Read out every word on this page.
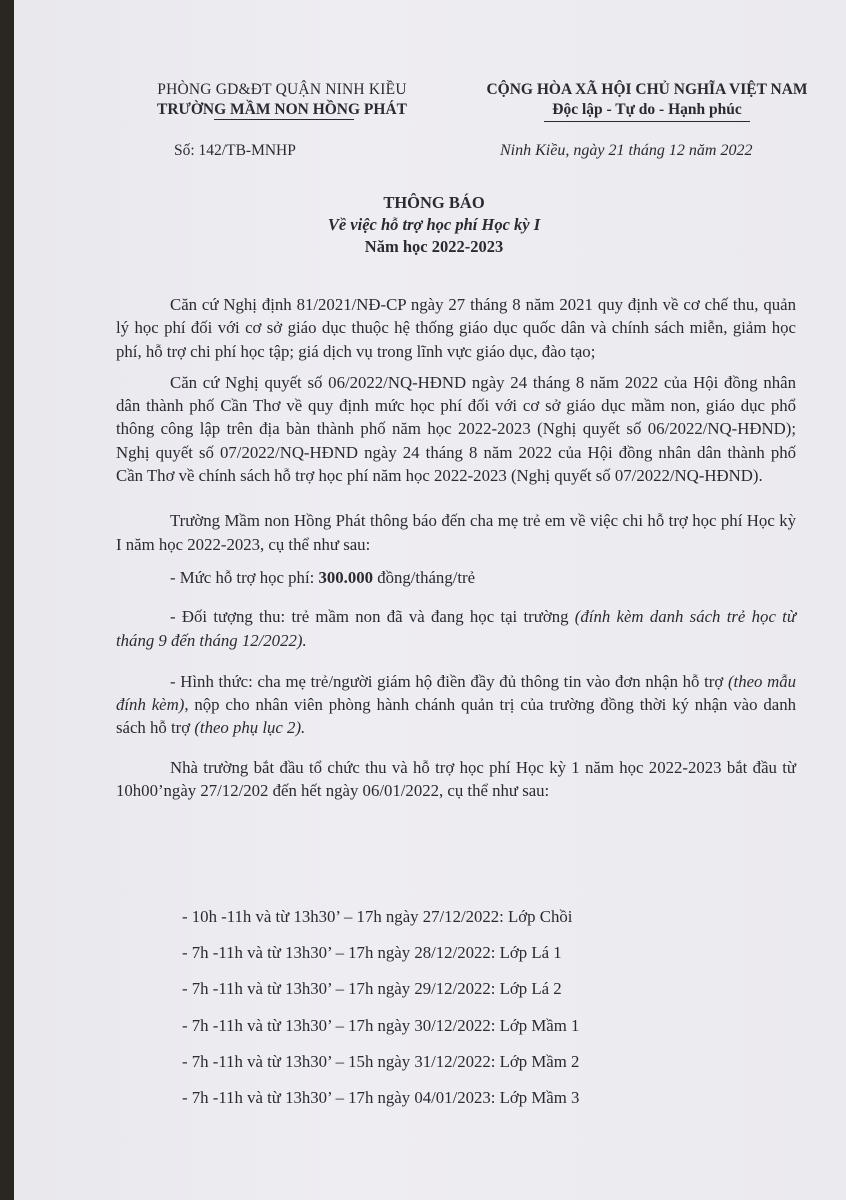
PHÒNG GD&ĐT QUẬN NINH KIỀU
TRƯỜNG MẦM NON HỒNG PHÁT
CỘNG HÒA XÃ HỘI CHỦ NGHĨA VIỆT NAM
Độc lập - Tự do - Hạnh phúc
Số: 142/TB-MNHP	Ninh Kiều, ngày 21 tháng 12 năm 2022
THÔNG BÁO
Về việc hỗ trợ học phí Học kỳ I
Năm học 2022-2023

Căn cứ Nghị định 81/2021/NĐ-CP ngày 27 tháng 8 năm 2021 quy định về cơ chế thu, quản lý học phí đối với cơ sở giáo dục thuộc hệ thống giáo dục quốc dân và chính sách miễn, giảm học phí, hỗ trợ chi phí học tập; giá dịch vụ trong lĩnh vực giáo dục, đào tạo;

Căn cứ Nghị quyết số 06/2022/NQ-HĐND ngày 24 tháng 8 năm 2022 của Hội đồng nhân dân thành phố Cần Thơ về quy định mức học phí đối với cơ sở giáo dục mầm non, giáo dục phổ thông công lập trên địa bàn thành phố năm học 2022-2023 (Nghị quyết số 06/2022/NQ-HĐND); Nghị quyết số 07/2022/NQ-HĐND ngày 24 tháng 8 năm 2022 của Hội đồng nhân dân thành phố Cần Thơ về chính sách hỗ trợ học phí năm học 2022-2023 (Nghị quyết số 07/2022/NQ-HĐND).

Trường Mầm non Hồng Phát thông báo đến cha mẹ trẻ em về việc chi hỗ trợ học phí Học kỳ I năm học 2022-2023, cụ thể như sau:

- Mức hỗ trợ học phí: 300.000 đồng/tháng/trẻ

- Đối tượng thu: trẻ mầm non đã và đang học tại trường (đính kèm danh sách trẻ học từ tháng 9 đến tháng 12/2022).

- Hình thức: cha mẹ trẻ/người giám hộ điền đầy đủ thông tin vào đơn nhận hỗ trợ (theo mẫu đính kèm), nộp cho nhân viên phòng hành chánh quản trị của trường đồng thời ký nhận vào danh sách hỗ trợ (theo phụ lục 2).

Nhà trường bắt đầu tổ chức thu và hỗ trợ học phí Học kỳ 1 năm học 2022-2023 bắt đầu từ 10h00’ngày 27/12/202 đến hết ngày 06/01/2022, cụ thể như sau:

- 10h -11h và từ 13h30’ – 17h ngày 27/12/2022: Lớp Chồi
- 7h -11h và từ 13h30’ – 17h ngày 28/12/2022: Lớp Lá 1
- 7h -11h và từ 13h30’ – 17h ngày 29/12/2022: Lớp Lá 2
- 7h -11h và từ 13h30’ – 17h ngày 30/12/2022: Lớp Mầm 1
- 7h -11h và từ 13h30’ – 15h ngày 31/12/2022: Lớp Mầm 2
- 7h -11h và từ 13h30’ – 17h ngày 04/01/2023: Lớp Mầm 3
